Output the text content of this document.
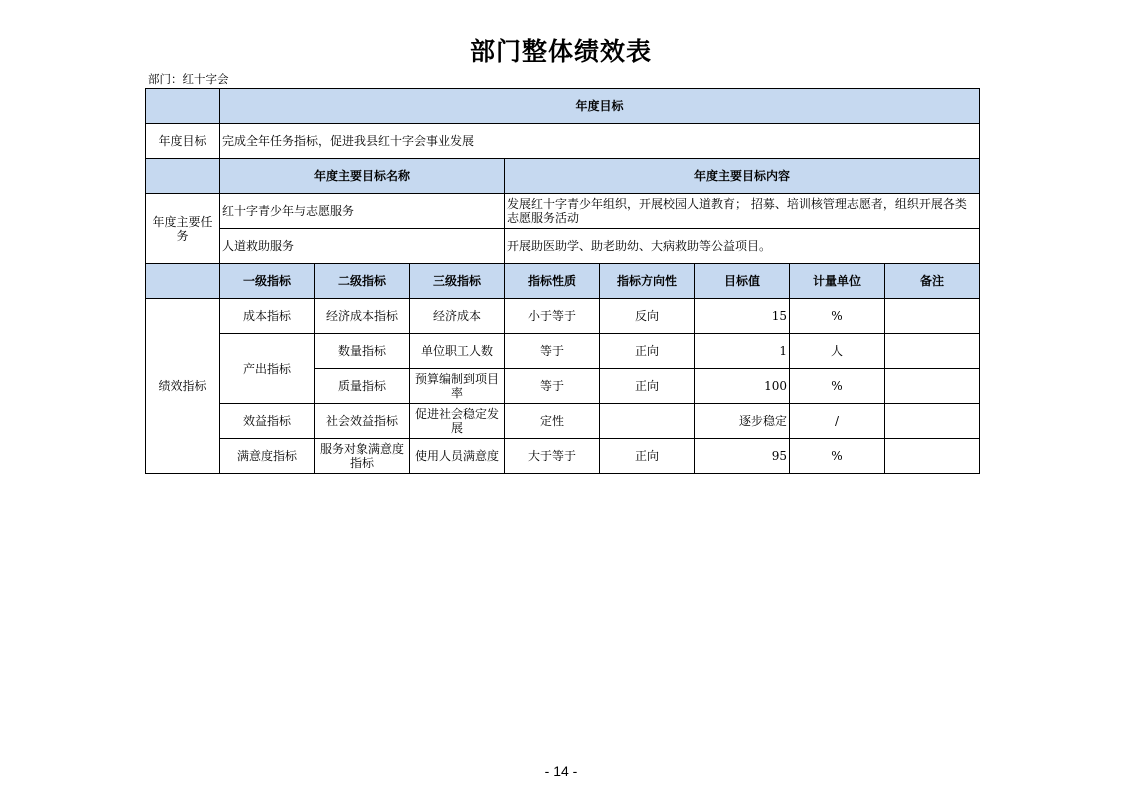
部门整体绩效表
部门：红十字会
	年度目标							
年度目标	完成全年任务指标，促进我县红十字会事业发展							
	年度主要目标名称			年度主要目标内容				
年度主要任务	红十字青少年与志愿服务			发展红十字青少年组织，开展校园人道教育； 招募、培训核管理志愿者，组织开展各类志愿服务活动				
	人道救助服务			开展助医助学、助老助幼、大病救助等公益项目。				
	一级指标	二级指标	三级指标	指标性质	指标方向性	目标值	计量单位	备注
绩效指标	成本指标	经济成本指标	经济成本	小于等于	反向	15	%	
	产出指标	数量指标	单位职工人数	等于	正向	1	人	
		质量指标	预算编制到项目率	等于	正向	100	%	
	效益指标	社会效益指标	促进社会稳定发展	定性		逐步稳定	/	
	满意度指标	服务对象满意度指标	使用人员满意度	大于等于	正向	95	%	
- 14 -
